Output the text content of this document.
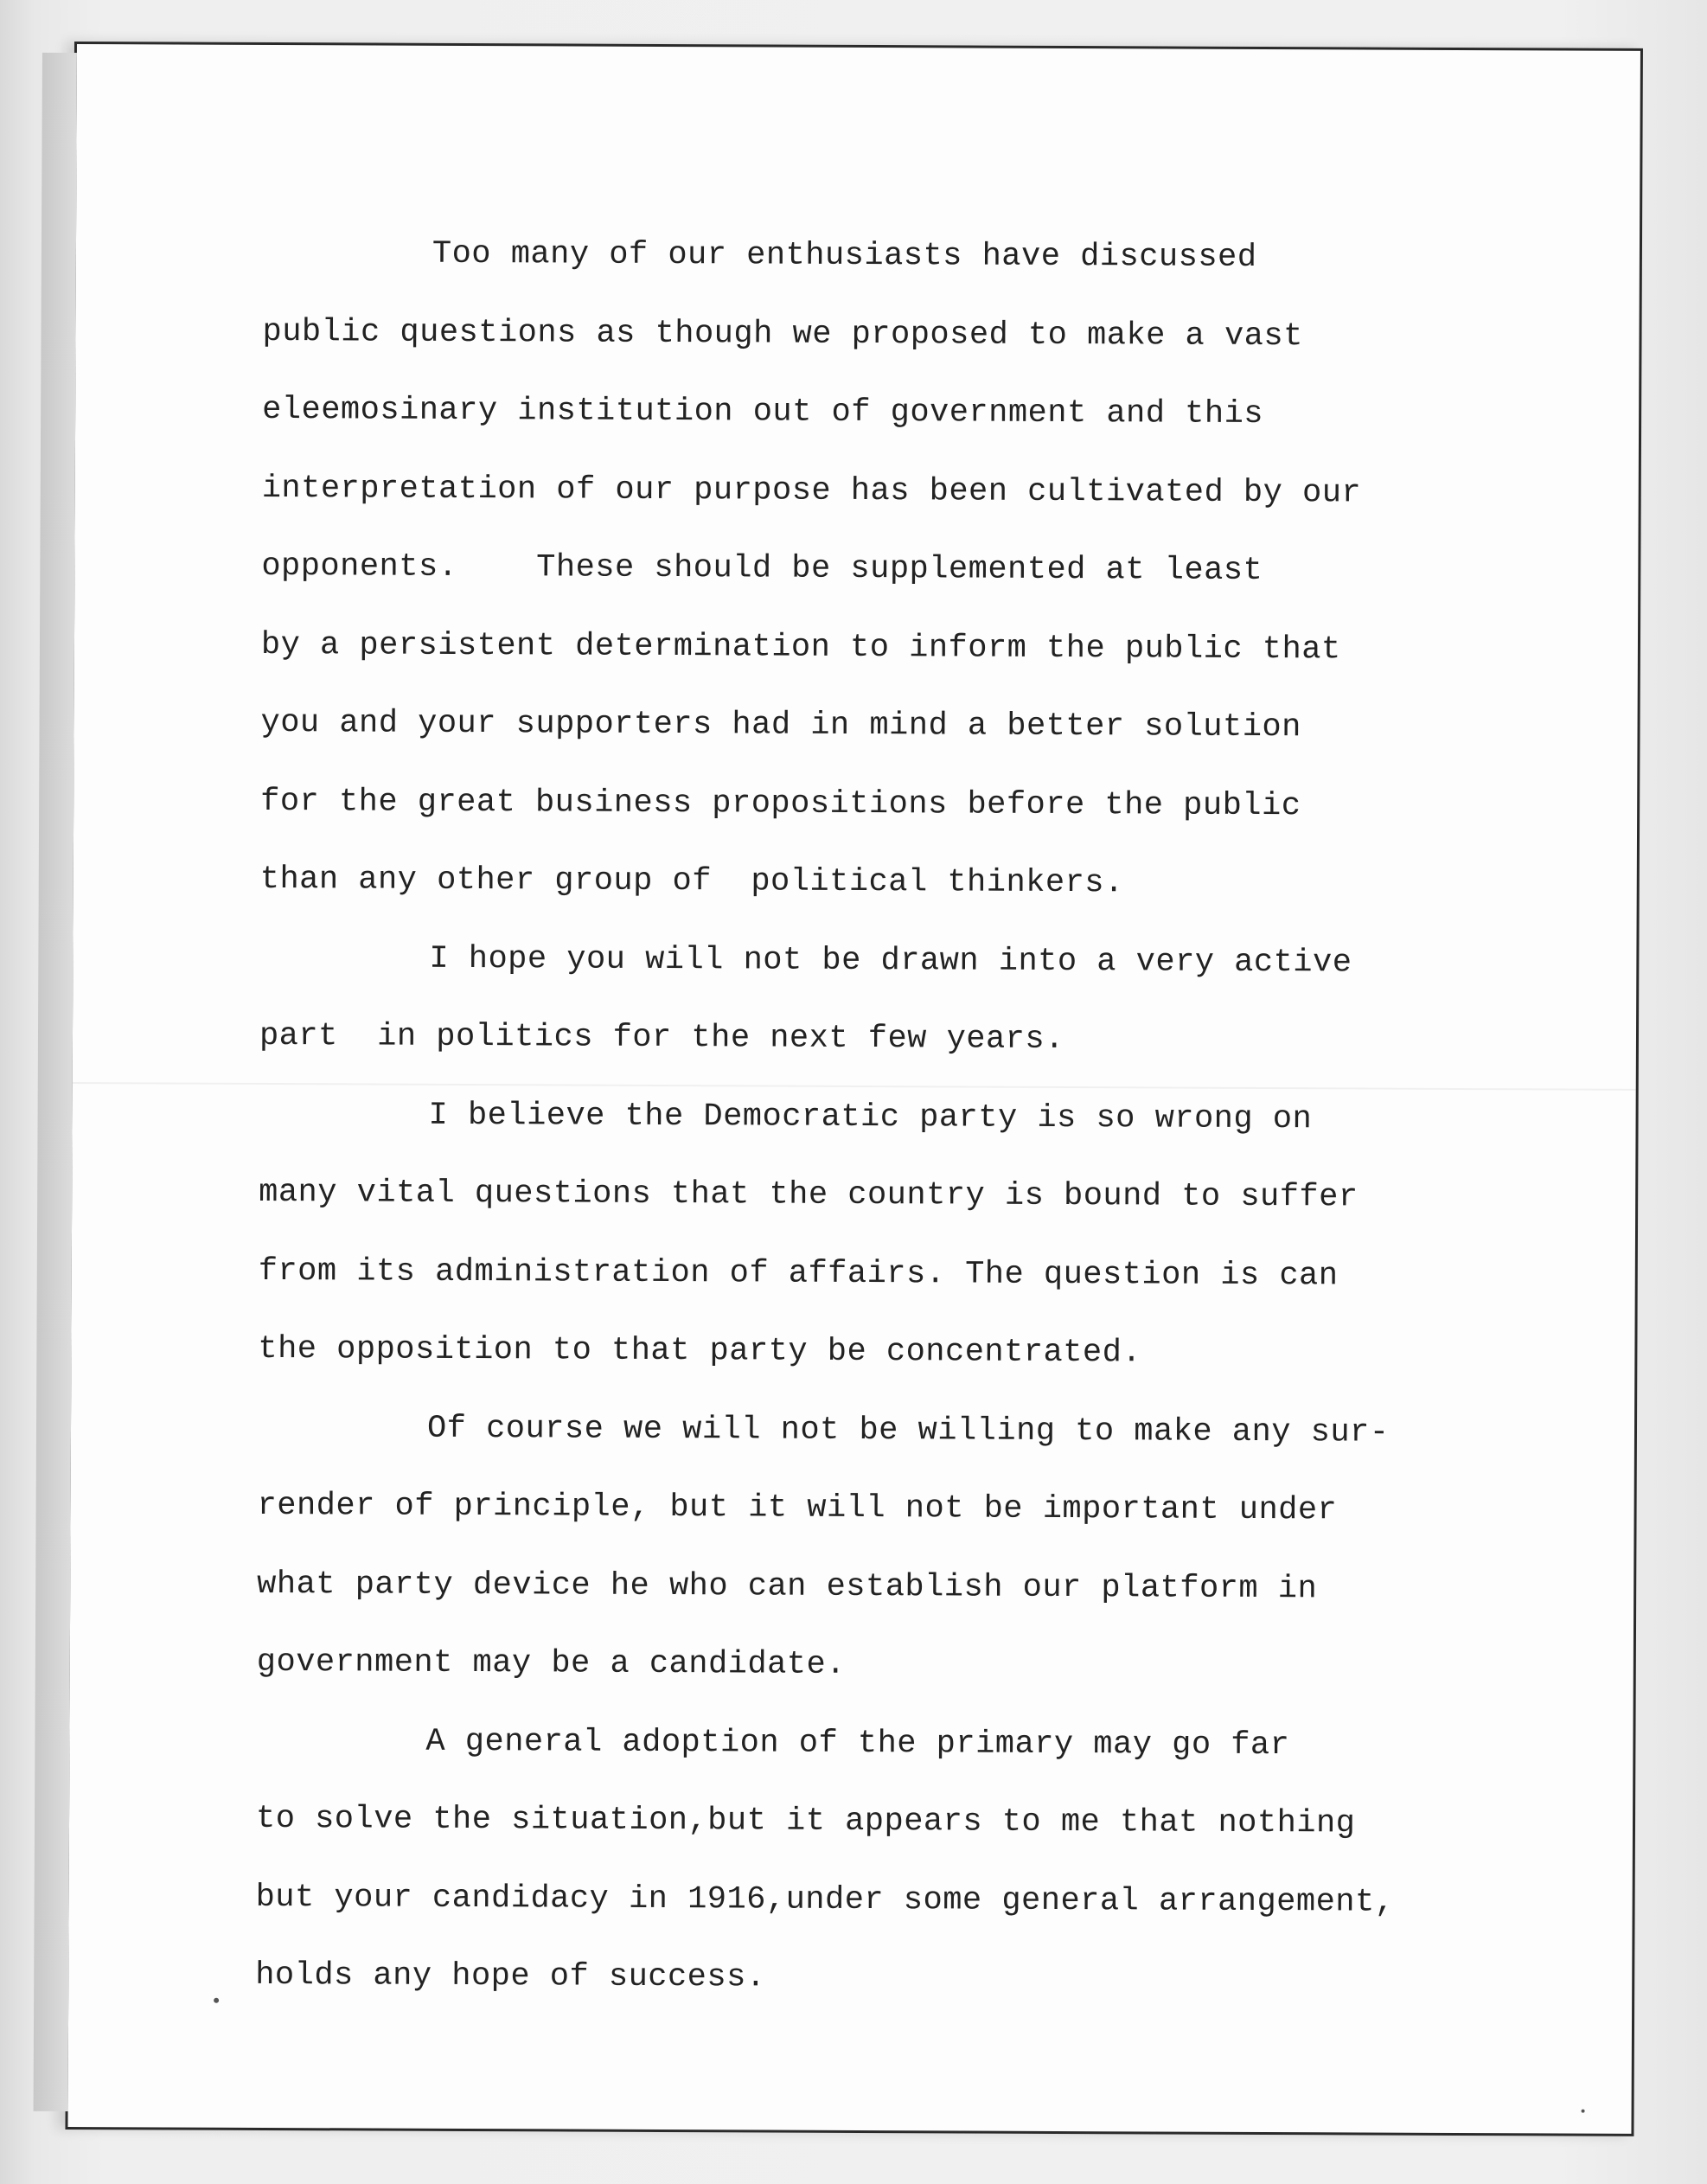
Too many of our enthusiasts have discussed
public questions as though we proposed to make a vast
eleemosinary institution out of government and this
interpretation of our purpose has been cultivated by our
opponents.    These should be supplemented at least
by a persistent determination to inform the public that
you and your supporters had in mind a better solution
for the great business propositions before the public
than any other group of  political thinkers.
I hope you will not be drawn into a very active
part  in politics for the next few years.
I believe the Democratic party is so wrong on
many vital questions that the country is bound to suffer
from its administration of affairs. The question is can
the opposition to that party be concentrated.
Of course we will not be willing to make any sur-
render of principle, but it will not be important under
what party device he who can establish our platform in
government may be a candidate.
A general adoption of the primary may go far
to solve the situation,but it appears to me that nothing
but your candidacy in 1916,under some general arrangement,
holds any hope of success.
